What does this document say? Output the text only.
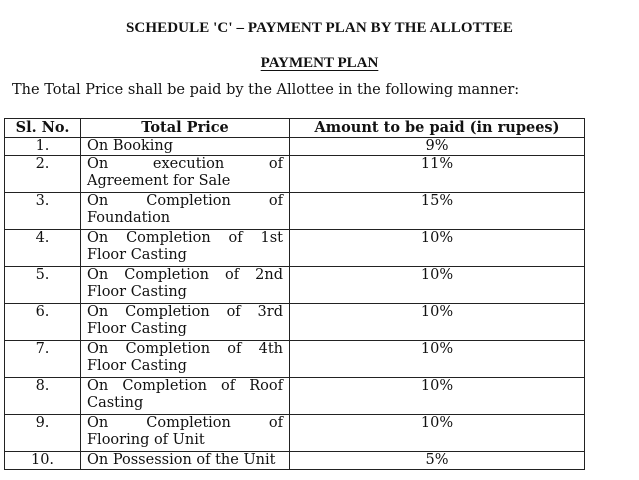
SCHEDULE 'C' – PAYMENT PLAN BY THE ALLOTTEE
PAYMENT PLAN
The Total Price shall be paid by the Allottee in the following manner:
Sl. No.	Total Price	Amount to be paid (in rupees)
1.	On Booking	9%
2.	On execution of Agreement for Sale	11%
3.	On Completion of Foundation	15%
4.	On Completion of 1st Floor Casting	10%
5.	On Completion of 2nd Floor Casting	10%
6.	On Completion of 3rd Floor Casting	10%
7.	On Completion of 4th Floor Casting	10%
8.	On Completion of Roof Casting	10%
9.	On Completion of Flooring of Unit	10%
10.	On Possession of the Unit	5%
